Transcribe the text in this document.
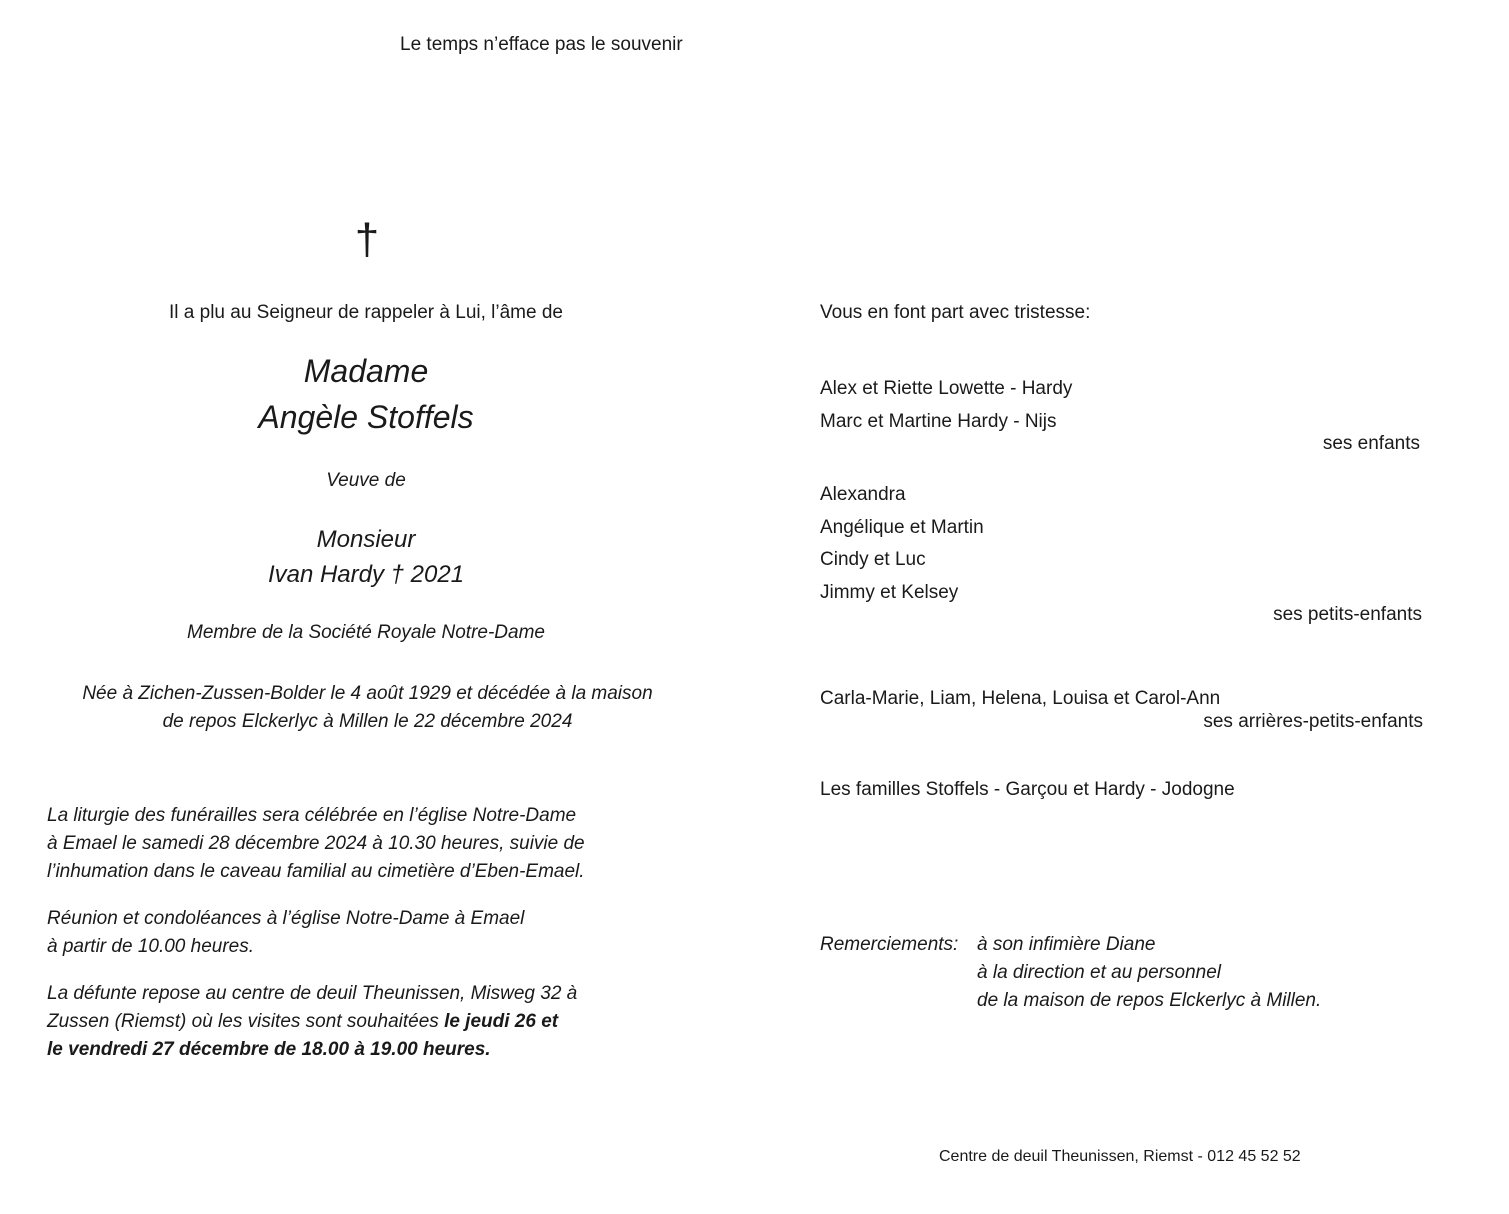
Le temps n’efface pas le souvenir
†
Il a plu au Seigneur de rappeler à Lui, l’âme de
Madame
Angèle Stoffels
Veuve de
Monsieur
Ivan Hardy † 2021
Membre de la Société Royale Notre-Dame
Née à Zichen-Zussen-Bolder le 4 août 1929 et décédée à la maison
de repos Elckerlyc à Millen le 22 décembre 2024
La liturgie des funérailles sera célébrée en l’église Notre-Dame
à Emael le samedi 28 décembre 2024 à 10.30 heures, suivie de
l’inhumation dans le caveau familial au cimetière d’Eben-Emael.
Réunion et condoléances à l’église Notre-Dame à Emael
à partir de 10.00 heures.
La défunte repose au centre de deuil Theunissen, Misweg 32 à
Zussen (Riemst) où les visites sont souhaitées le jeudi 26 et
le vendredi 27 décembre de 18.00 à 19.00 heures.
Vous en font part avec tristesse:
Alex et Riette Lowette - Hardy
Marc et Martine Hardy - Nijs
ses enfants
Alexandra
Angélique et Martin
Cindy et Luc
Jimmy et Kelsey
ses petits-enfants
Carla-Marie, Liam, Helena, Louisa et Carol-Ann
ses arrières-petits-enfants
Les familles Stoffels - Garçou et Hardy - Jodogne
Remerciements: à son infimière Diane
à la direction et au personnel
de la maison de repos Elckerlyc à Millen.
Centre de deuil Theunissen, Riemst - 012 45 52 52
